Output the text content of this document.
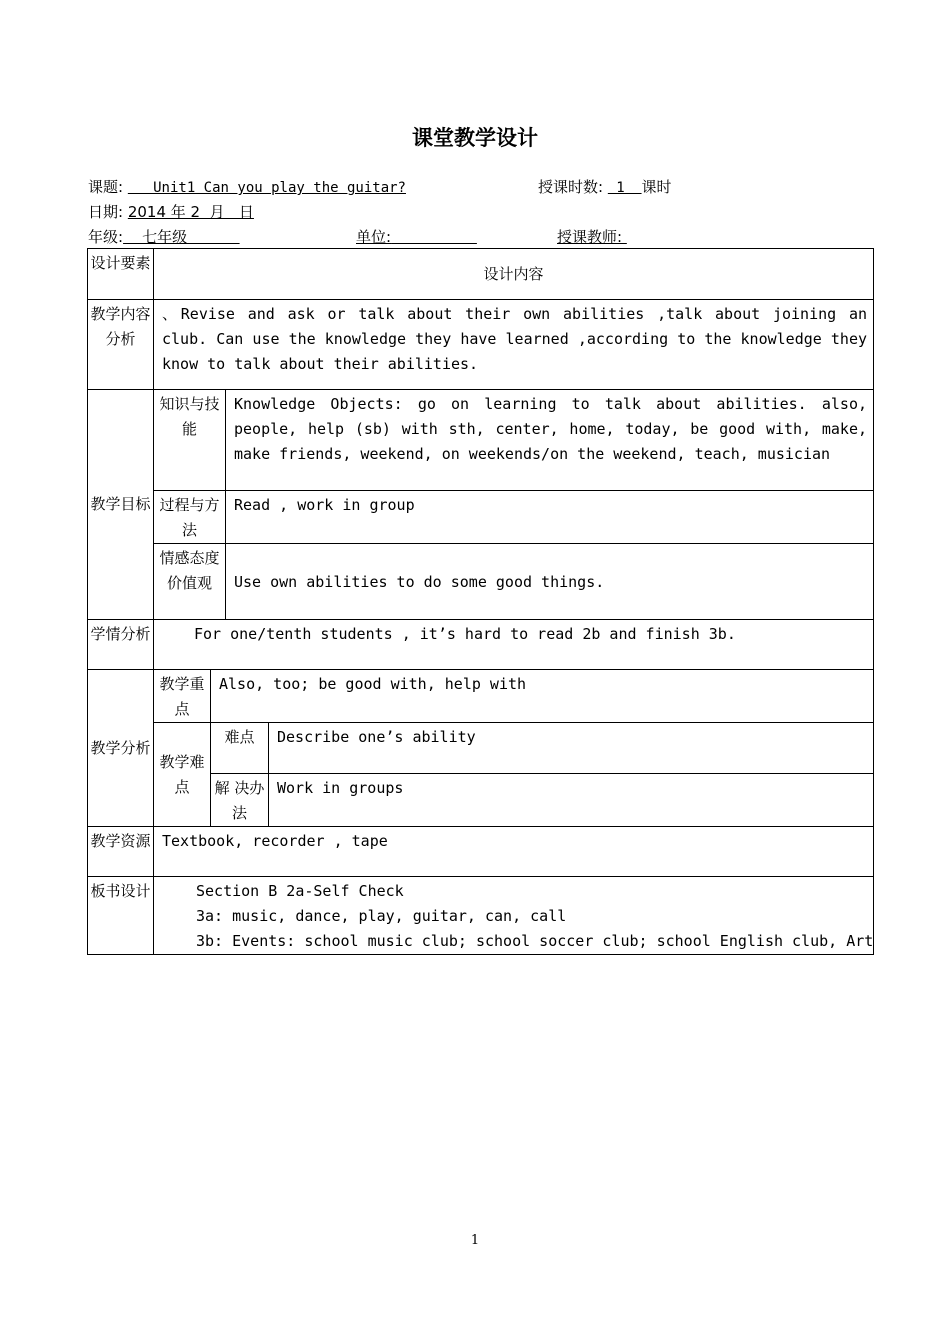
课堂教学设计
课题:    Unit1 Can you play the guitar?	授课时数:  1  课时
日期: 2014 年 2  月   日
年级:    七年级	单位:	授课教师:
设计要素	设计内容			
教学内容分析	、Revise and ask or talk about their own abilities ,talk about joining an club. Can use the knowledge they have learned ,according to the knowledge they know to talk about their abilities.			
教学目标	知识与技能		Knowledge Objects: go on learning to talk about abilities. also, people, help (sb) with sth, center, home, today, be good with, make, make friends, weekend, on weekends/on the weekend, teach, musician	
	过程与方法		Read , work in group	
	情感态度价值观		Use own abilities to do some good things.	
学情分析	For one/tenth students , it’s hard to read 2b and finish 3b.			
教学分析	教学重点	Also, too; be good with, help with		
	教学难点	难点		Describe one’s ability
		解 决办法		Work in groups
教学资源	Textbook, recorder , tape			
板书设计	Section B 2a-Self Check
3a: music, dance, play, guitar, can, call
3b: Events: school music club; school soccer club; school English club, Art			
1
